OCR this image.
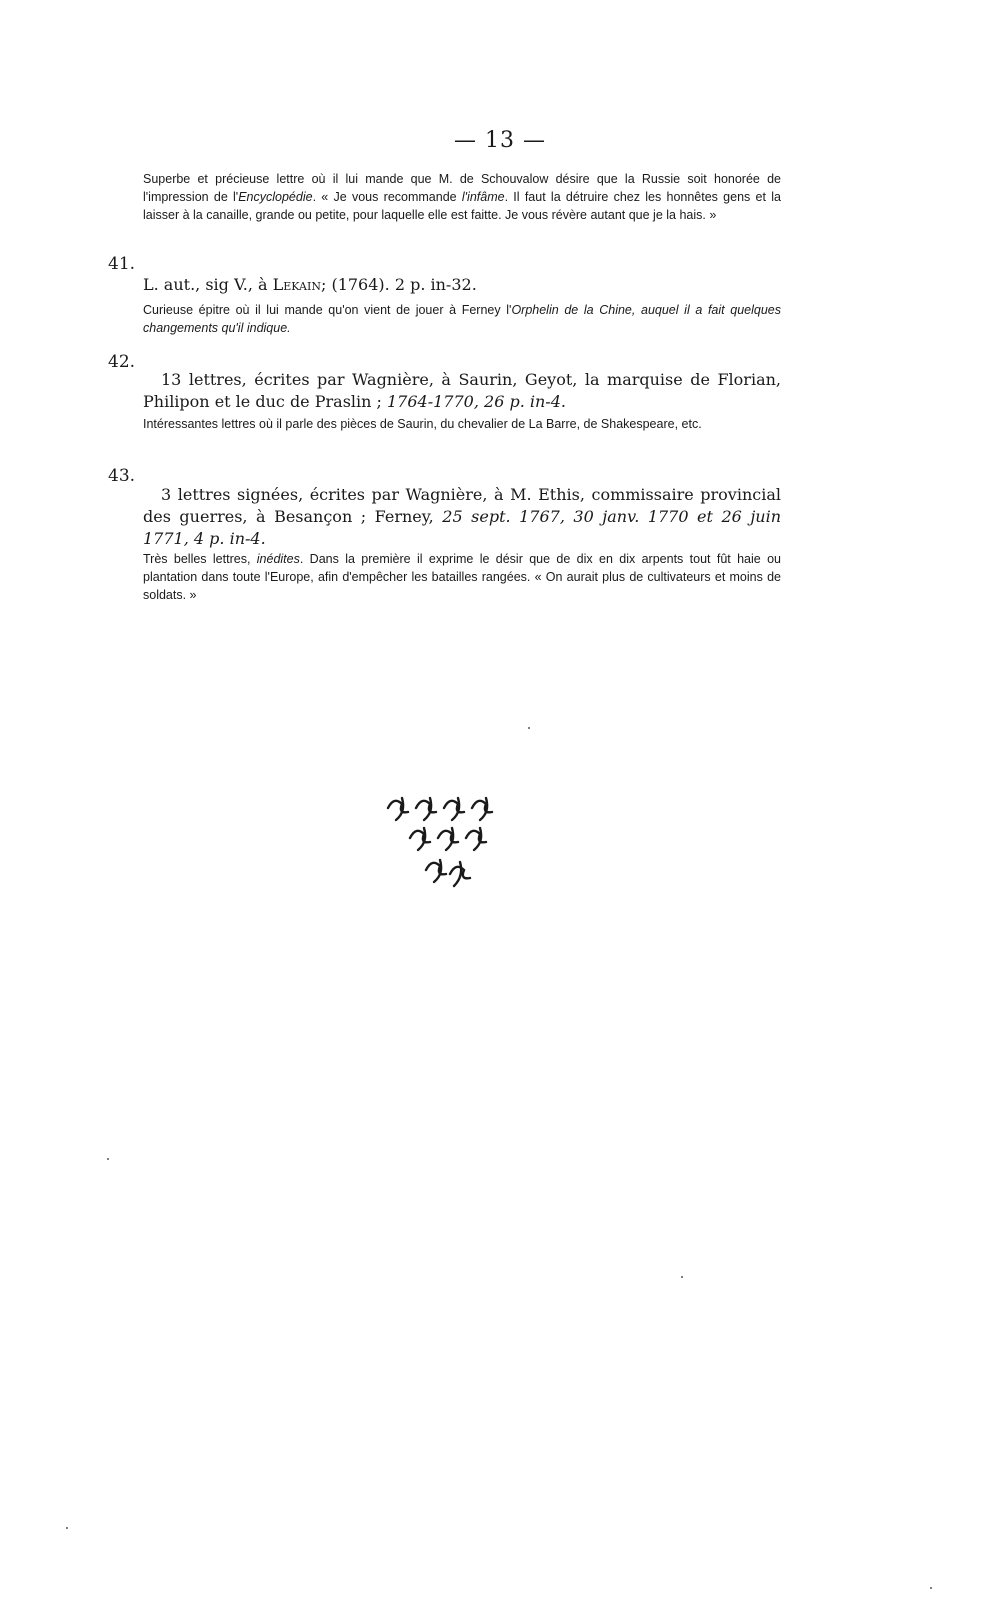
— 13 —
Superbe et précieuse lettre où il lui mande que M. de Schouvalow désire que la Russie soit honorée de l'impression de l'Encyclopédie. « Je vous recommande l'infâme. Il faut la détruire chez les honnêtes gens et la laisser à la canaille, grande ou petite, pour laquelle elle est faitte. Je vous révère autant que je la hais. »
41.
L. aut., sig V., à Lekain; (1764). 2 p. in-32.
Curieuse épitre où il lui mande qu'on vient de jouer à Ferney l'Orphelin de la Chine, auquel il a fait quelques changements qu'il indique.
42.
13 lettres, écrites par Wagnière, à Saurin, Geyot, la marquise de Florian, Philipon et le duc de Praslin ; 1764-1770, 26 p. in-4.
Intéressantes lettres où il parle des pièces de Saurin, du chevalier de La Barre, de Shakespeare, etc.
43.
3 lettres signées, écrites par Wagnière, à M. Ethis, commissaire provincial des guerres, à Besançon ; Ferney, 25 sept. 1767, 30 janv. 1770 et 26 juin 1771, 4 p. in-4.
Très belles lettres, inédites. Dans la première il exprime le désir que de dix en dix arpents tout fût haie ou plantation dans toute l'Europe, afin d'empêcher les batailles rangées. « On aurait plus de cultivateurs et moins de soldats. »
